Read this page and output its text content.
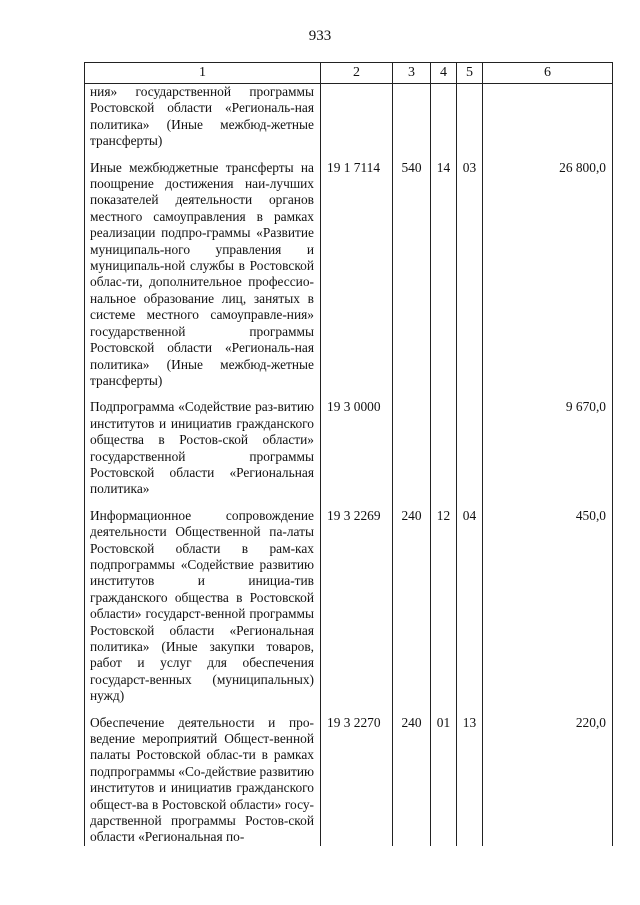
933
1	2	3	4	5	6
ния» государственной программы Ростовской области «Региональ-ная политика» (Иные межбюд-жетные трансферты)					
Иные межбюджетные трансферты на поощрение достижения наи-лучших показателей деятельности органов местного самоуправления в рамках реализации подпро-граммы «Развитие муниципаль-ного управления и муниципаль-ной службы в Ростовской облас-ти, дополнительное профессио-нальное образование лиц, занятых в системе местного самоуправле-ния» государственной программы Ростовской области «Региональ-ная политика» (Иные межбюд-жетные трансферты)	19 1 7114	540	14	03	26 800,0
Подпрограмма «Содействие раз-витию институтов и инициатив гражданского общества в Ростов-ской области» государственной программы Ростовской области «Региональная политика»	19 3 0000				9 670,0
Информационное сопровождение деятельности Общественной па-латы Ростовской области в рам-ках подпрограммы «Содействие развитию институтов и инициа-тив гражданского общества в Ростовской области» государст-венной программы Ростовской области «Региональная политика» (Иные закупки товаров, работ и услуг для обеспечения государст-венных (муниципальных) нужд)	19 3 2269	240	12	04	450,0
Обеспечение деятельности и про-ведение мероприятий Общест-венной палаты Ростовской облас-ти в рамках подпрограммы «Со-действие развитию институтов и инициатив гражданского общест-ва в Ростовской области» госу-дарственной программы Ростов-ской области «Региональная по-	19 3 2270	240	01	13	220,0
